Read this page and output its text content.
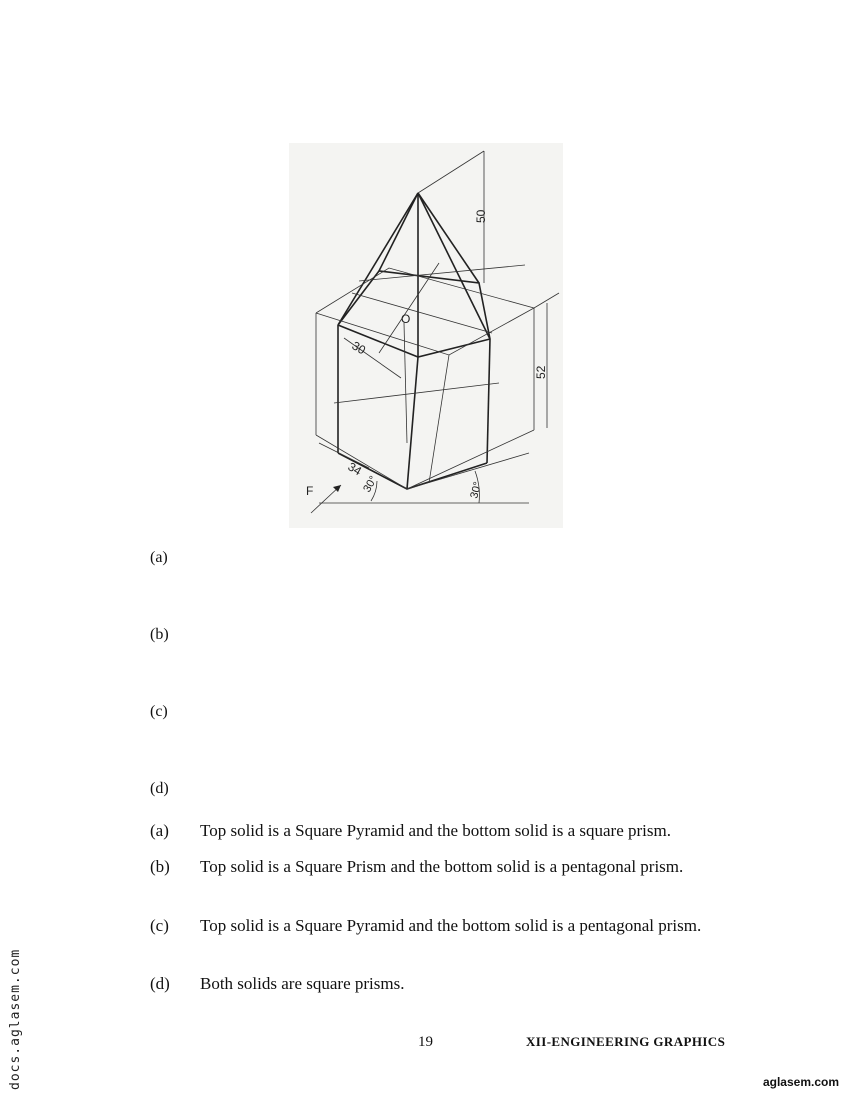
50
52
30
34
30°	30°
F
O
(a)
(b)
(c)
(d)
(a) Top solid is a Square Pyramid and the bottom solid is a square prism.
(b) Top solid is a Square Prism and the bottom solid is a pentagonal prism.
(c) Top solid is a Square Pyramid and the bottom solid is a pentagonal prism.
(d) Both solids are square prisms.
19	XII-ENGINEERING GRAPHICS
docs.aglasem.com	aglasem.com
